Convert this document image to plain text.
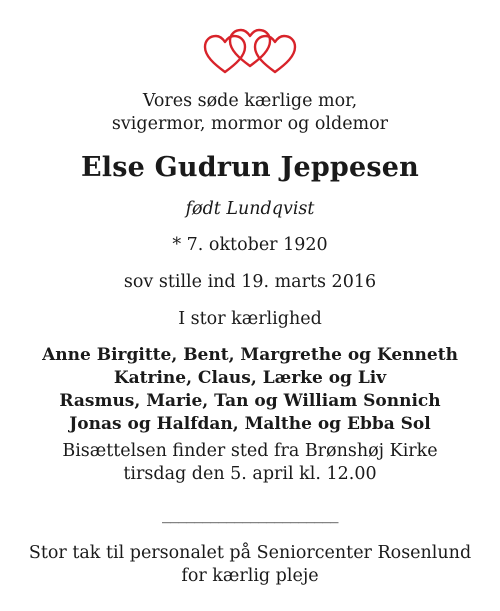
Vores søde kærlige mor,
svigermor, mormor og oldemor
Else Gudrun Jeppesen
født Lundqvist
* 7. oktober 1920
sov stille ind 19. marts 2016
I stor kærlighed
Anne Birgitte, Bent, Margrethe og Kenneth
Katrine, Claus, Lærke og Liv
Rasmus, Marie, Tan og William Sonnich
Jonas og Halfdan, Malthe og Ebba Sol
Bisættelsen finder sted fra Brønshøj Kirke
tirsdag den 5. april kl. 12.00
______________________
Stor tak til personalet på Seniorcenter Rosenlund
for kærlig pleje
